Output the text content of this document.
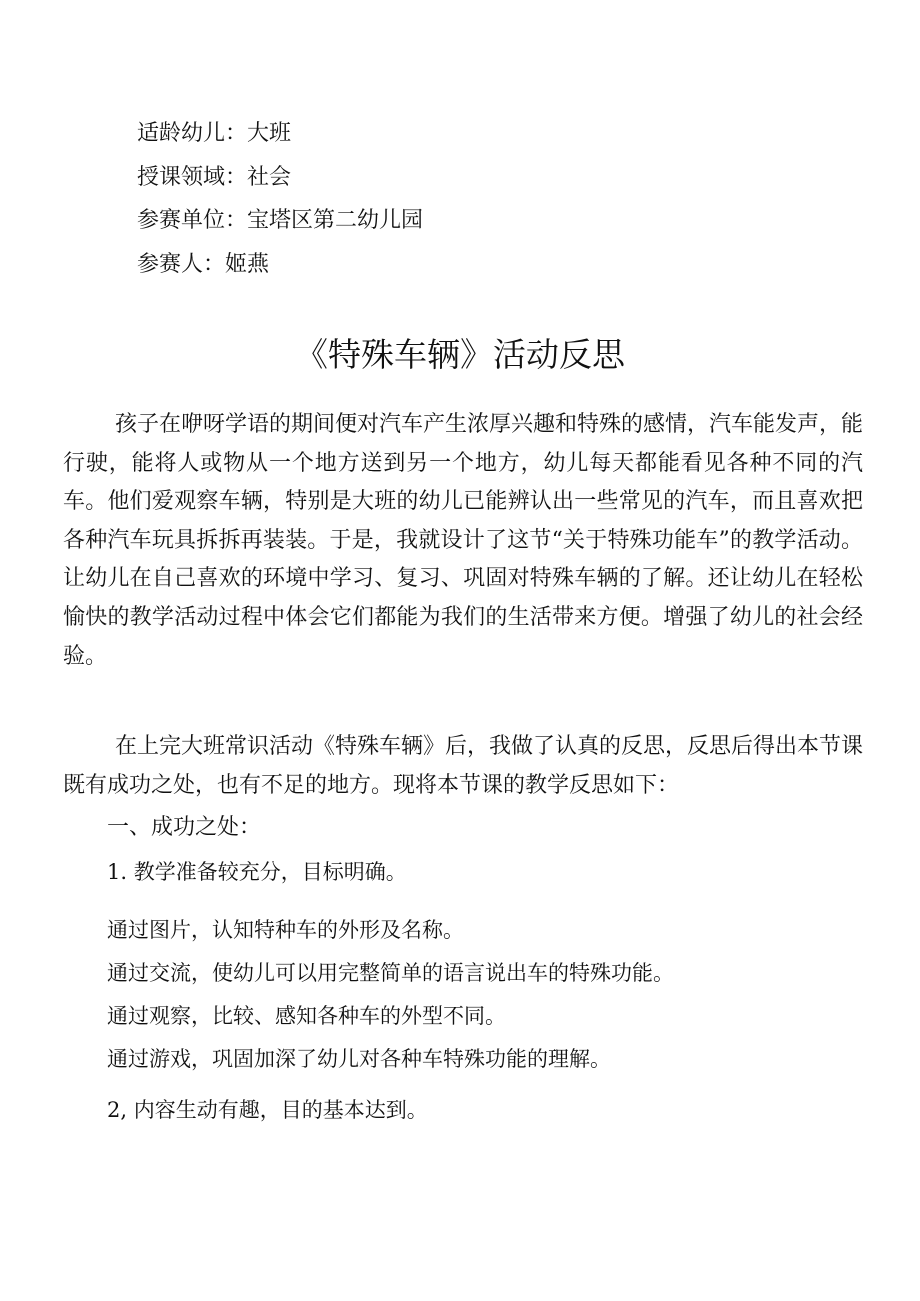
适龄幼儿：大班
授课领域：社会
参赛单位：宝塔区第二幼儿园
参赛人：姬燕
《特殊车辆》活动反思

孩子在咿呀学语的期间便对汽车产生浓厚兴趣和特殊的感情，汽车能发声，能行驶，能将人或物从一个地方送到另一个地方，幼儿每天都能看见各种不同的汽车。他们爱观察车辆，特别是大班的幼儿已能辨认出一些常见的汽车，而且喜欢把各种汽车玩具拆拆再装装。于是，我就设计了这节“关于特殊功能车”的教学活动。让幼儿在自己喜欢的环境中学习、复习、巩固对特殊车辆的了解。还让幼儿在轻松愉快的教学活动过程中体会它们都能为我们的生活带来方便。增强了幼儿的社会经验。

在上完大班常识活动《特殊车辆》后，我做了认真的反思，反思后得出本节课既有成功之处，也有不足的地方。现将本节课的教学反思如下：

一、成功之处：
1. 教学准备较充分，目标明确。
通过图片，认知特种车的外形及名称。
通过交流，使幼儿可以用完整简单的语言说出车的特殊功能。
通过观察，比较、感知各种车的外型不同。
通过游戏，巩固加深了幼儿对各种车特殊功能的理解。
2, 内容生动有趣，目的基本达到。
